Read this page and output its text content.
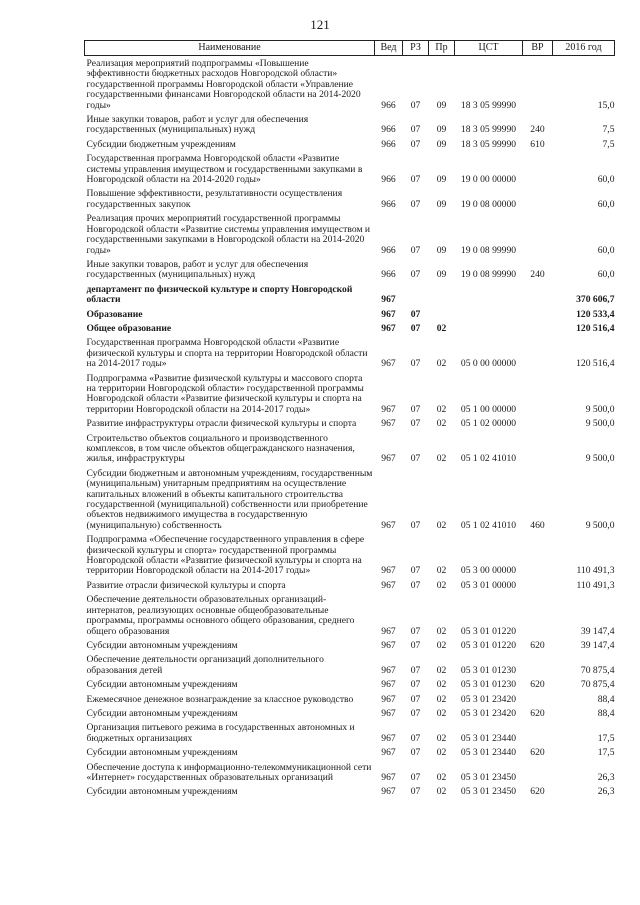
121
Наименование	Вед	РЗ	Пр	ЦСТ	ВР	2016 год
Реализация мероприятий подпрограммы «Повышение эффективности бюджетных расходов Новгородской области» государственной программы Новгородской области «Управление государственными финансами Новгородской области на 2014-2020 годы»	966	07	09	18 3 05 99990		15,0
Иные закупки товаров, работ и услуг для обеспечения государственных (муниципальных) нужд	966	07	09	18 3 05 99990	240	7,5
Субсидии бюджетным учреждениям	966	07	09	18 3 05 99990	610	7,5
Государственная программа Новгородской области «Развитие системы управления имуществом и государственными закупками в Новгородской области на 2014-2020 годы»	966	07	09	19 0 00 00000		60,0
Повышение эффективности, результативности осуществления государственных закупок	966	07	09	19 0 08 00000		60,0
Реализация прочих мероприятий государственной программы Новгородской области «Развитие системы управления имуществом и государственными закупками в Новгородской области на 2014-2020 годы»	966	07	09	19 0 08 99990		60,0
Иные закупки товаров, работ и услуг для обеспечения государственных (муниципальных) нужд	966	07	09	19 0 08 99990	240	60,0
департамент по физической культуре и спорту Новгородской области	967					370 606,7
Образование	967	07				120 533,4
Общее образование	967	07	02			120 516,4
Государственная программа Новгородской области «Развитие физической культуры и спорта на территории Новгородской области на 2014-2017 годы»	967	07	02	05 0 00 00000		120 516,4
Подпрограмма «Развитие физической культуры и массового спорта на территории Новгородской области» государственной программы Новгородской области «Развитие физической культуры и спорта на территории Новгородской области на 2014-2017 годы»	967	07	02	05 1 00 00000		9 500,0
Развитие инфраструктуры отрасли физической культуры и спорта	967	07	02	05 1 02 00000		9 500,0
Строительство объектов социального и производственного комплексов, в том числе объектов общегражданского назначения, жилья, инфраструктуры	967	07	02	05 1 02 41010		9 500,0
Субсидии бюджетным и автономным учреждениям, государственным (муниципальным) унитарным предприятиям на осуществление капитальных вложений в объекты капитального строительства государственной (муниципальной) собственности или приобретение объектов недвижимого имущества в государственную (муниципальную) собственность	967	07	02	05 1 02 41010	460	9 500,0
Подпрограмма «Обеспечение государственного управления в сфере физической культуры и спорта» государственной программы Новгородской области «Развитие физической культуры и спорта на территории Новгородской области на 2014-2017 годы»	967	07	02	05 3 00 00000		110 491,3
Развитие отрасли физической культуры и спорта	967	07	02	05 3 01 00000		110 491,3
Обеспечение деятельности образовательных организаций-интернатов, реализующих основные общеобразовательные программы, программы основного общего образования, среднего общего образования	967	07	02	05 3 01 01220		39 147,4
Субсидии автономным учреждениям	967	07	02	05 3 01 01220	620	39 147,4
Обеспечение деятельности организаций дополнительного образования детей	967	07	02	05 3 01 01230		70 875,4
Субсидии автономным учреждениям	967	07	02	05 3 01 01230	620	70 875,4
Ежемесячное денежное вознаграждение за классное руководство	967	07	02	05 3 01 23420		88,4
Субсидии автономным учреждениям	967	07	02	05 3 01 23420	620	88,4
Организация питьевого режима в государственных автономных и бюджетных организациях	967	07	02	05 3 01 23440		17,5
Субсидии автономным учреждениям	967	07	02	05 3 01 23440	620	17,5
Обеспечение доступа к информационно-телекоммуникационной сети «Интернет» государственных образовательных организаций	967	07	02	05 3 01 23450		26,3
Субсидии автономным учреждениям	967	07	02	05 3 01 23450	620	26,3
